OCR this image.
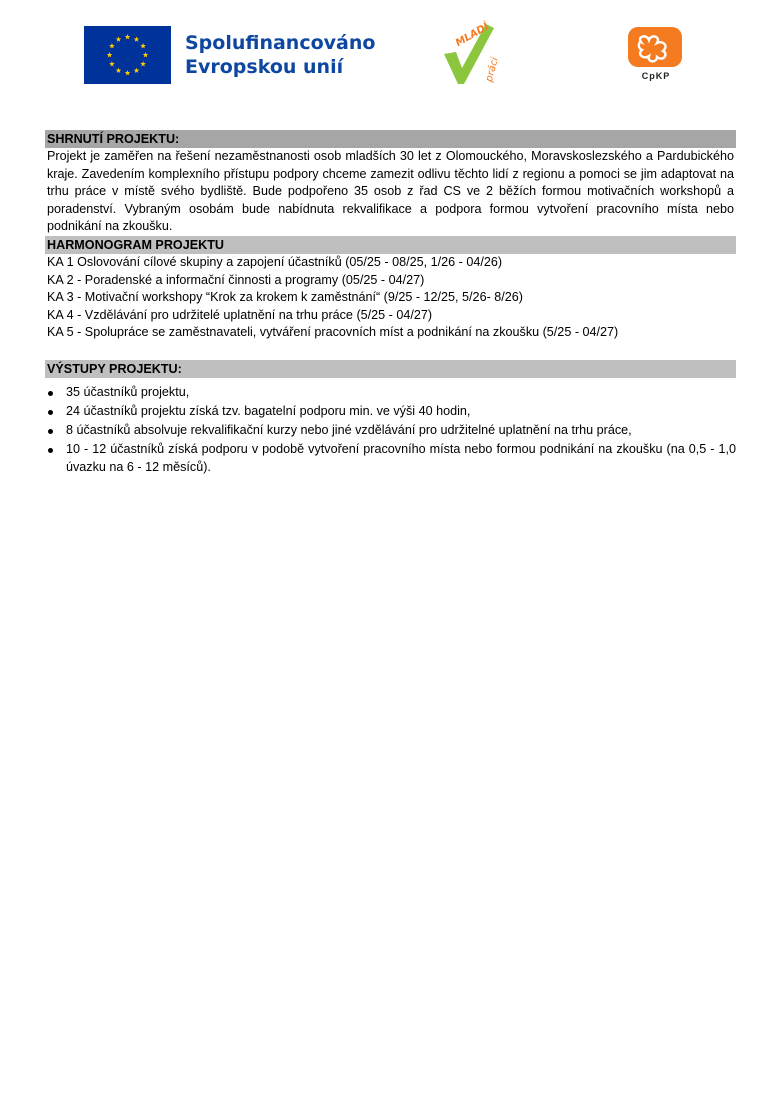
Spolufinancováno
Evropskou unií
MLADÍ
práci	CpKP
SHRNUTÍ PROJEKTU:

Projekt je zaměřen na řešení nezaměstnanosti osob mladších 30 let z Olomouckého, Moravskoslezského a Pardubického kraje. Zavedením komplexního přístupu podpory chceme zamezit odlivu těchto lidí z regionu a pomoci se jim adaptovat na trhu práce v místě svého bydliště. Bude podpořeno 35 osob z řad CS ve 2 běžích formou motivačních workshopů a poradenství. Vybraným osobám bude nabídnuta rekvalifikace a podpora formou vytvoření pracovního místa nebo podnikání na zkoušku.

HARMONOGRAM PROJEKTU
KA 1 Oslovování cílové skupiny a zapojení účastníků (05/25 - 08/25, 1/26 - 04/26)
KA 2 - Poradenské a informační činnosti a programy (05/25 - 04/27)
KA 3 - Motivační workshopy “Krok za krokem k zaměstnání“ (9/25 - 12/25, 5/26- 8/26)
KA 4 - Vzdělávání pro udržitelé uplatnění na trhu práce (5/25 - 04/27)
KA 5 - Spolupráce se zaměstnavateli, vytváření pracovních míst a podnikání na zkoušku (5/25 - 04/27)
VÝSTUPY PROJEKTU:
35 účastníků projektu,
24 účastníků projektu získá tzv. bagatelní podporu min. ve výši 40 hodin,
8 účastníků absolvuje rekvalifikační kurzy nebo jiné vzdělávání pro udržitelné uplatnění na trhu práce,
10 - 12 účastníků získá podporu v podobě vytvoření pracovního místa nebo formou podnikání na zkoušku (na 0,5 - 1,0 úvazku na 6 - 12 měsíců).
